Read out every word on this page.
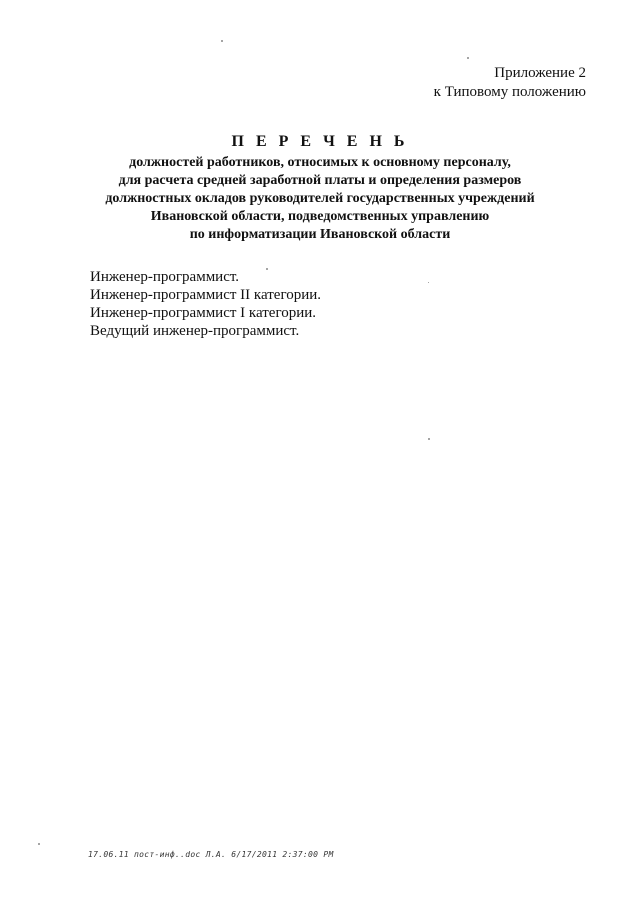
Приложение 2
к Типовому положению

П Е Р Е Ч Е Н Ь

должностей работников, относимых к основному персоналу,

для расчета средней заработной платы и определения размеров

должностных окладов руководителей государственных учреждений

Ивановской области, подведомственных управлению

по информатизации Ивановской области

Инженер-программист.

Инженер-программист II категории.

Инженер-программист I категории.

Ведущий инженер-программист.

17.06.11 пост-инф..doc Л.А. 6/17/2011 2:37:00 PM
